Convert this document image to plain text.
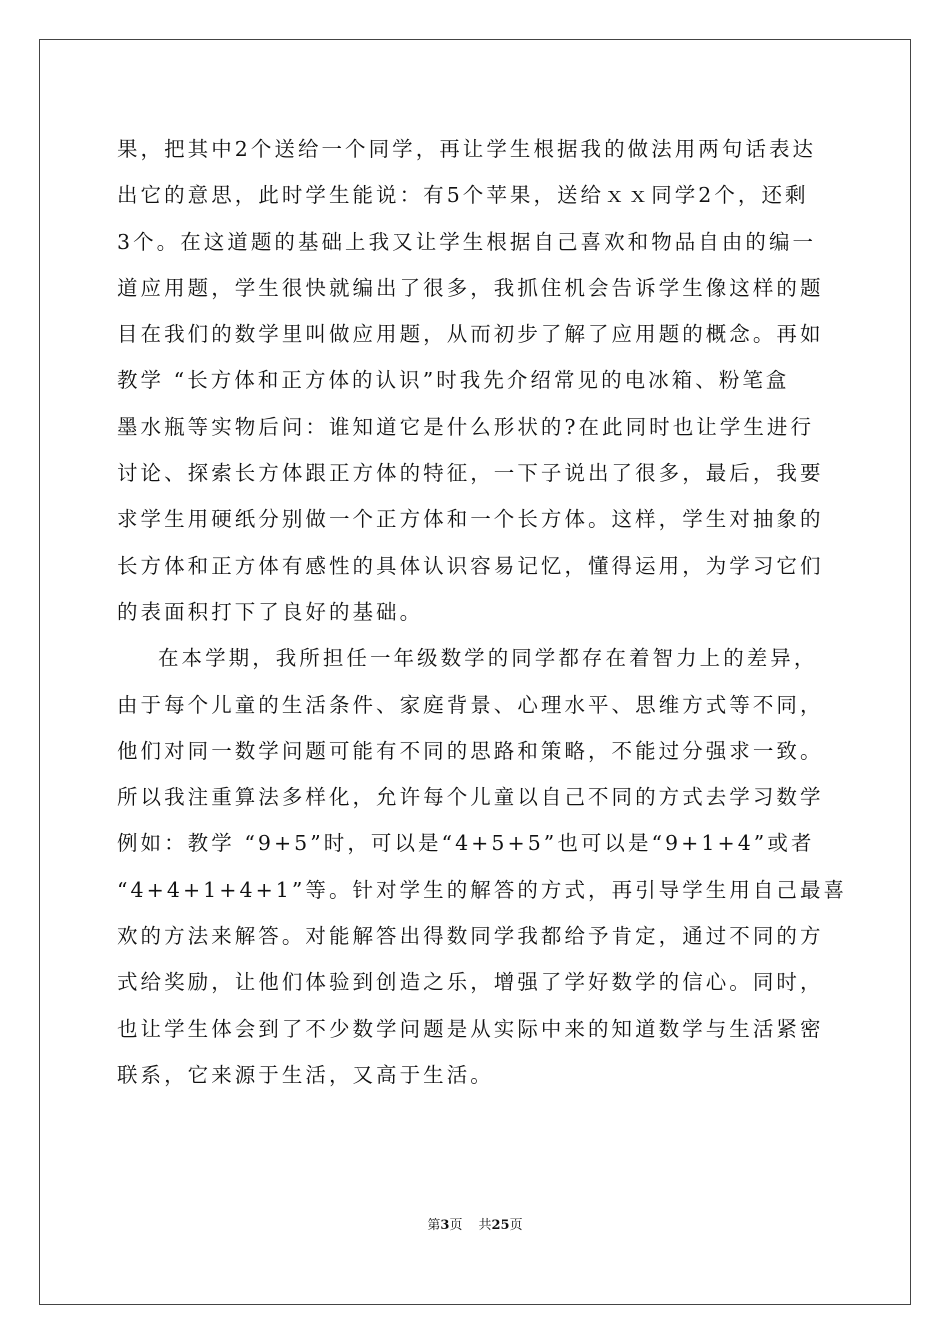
果，把其中2个送给一个同学，再让学生根据我的做法用两句话表达
出它的意思，此时学生能说：有5个苹果，送给ｘｘ同学2个，还剩
3个。在这道题的基础上我又让学生根据自己喜欢和物品自由的编一
道应用题，学生很快就编出了很多，我抓住机会告诉学生像这样的题
目在我们的数学里叫做应用题，从而初步了解了应用题的概念。再如
教学 “长方体和正方体的认识”时我先介绍常见的电冰箱、粉笔盒
墨水瓶等实物后问：谁知道它是什么形状的?在此同时也让学生进行
讨论、探索长方体跟正方体的特征，一下子说出了很多，最后，我要
求学生用硬纸分别做一个正方体和一个长方体。这样，学生对抽象的
长方体和正方体有感性的具体认识容易记忆，懂得运用，为学习它们
的表面积打下了良好的基础。
在本学期，我所担任一年级数学的同学都存在着智力上的差异，
由于每个儿童的生活条件、家庭背景、心理水平、思维方式等不同，
他们对同一数学问题可能有不同的思路和策略，不能过分强求一致。
所以我注重算法多样化，允许每个儿童以自己不同的方式去学习数学
例如：教学 “9+5”时，可以是“4+5+5”也可以是“9+1+4”或者
“4+4+1+4+1”等。针对学生的解答的方式，再引导学生用自己最喜
欢的方法来解答。对能解答出得数同学我都给予肯定，通过不同的方
式给奖励，让他们体验到创造之乐，增强了学好数学的信心。同时，
也让学生体会到了不少数学问题是从实际中来的知道数学与生活紧密
联系，它来源于生活，又高于生活。
第3页 共25页
